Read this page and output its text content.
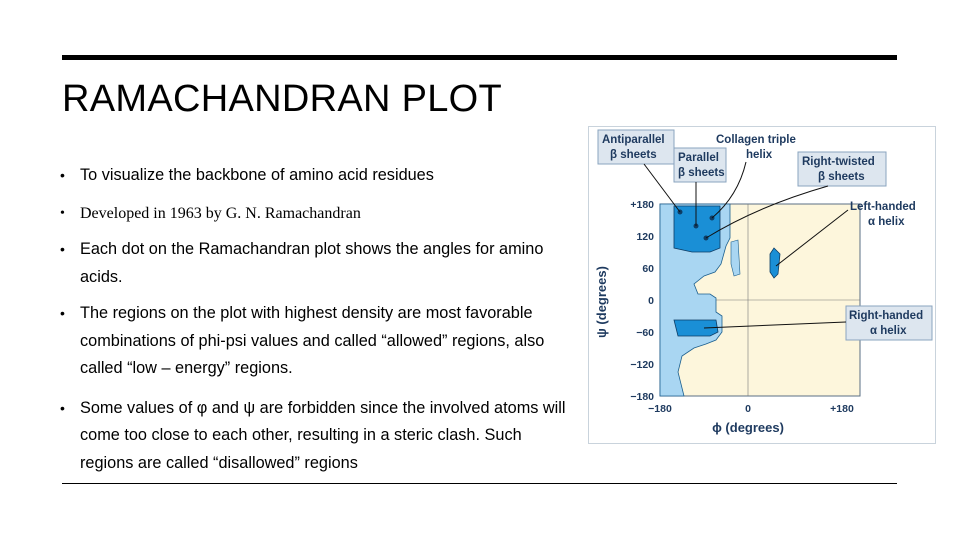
RAMACHANDRAN PLOT
• To visualize the backbone of amino acid residues
• Developed in 1963 by G. N. Ramachandran
• Each dot on the Ramachandran plot shows the angles for amino acids.
• The regions on the plot with highest density are most favorable combinations of phi-psi values and called “allowed” regions, also called “low – energy” regions.
• Some values of φ and ψ are forbidden since the involved atoms will come too close to each other, resulting in a steric clash. Such regions are called “disallowed” regions
Antiparallel
β sheets Parallel
β sheets
Collagen triple
helix
Right-twisted
β sheets
Left-handed
α helix
Right-handed
α helix
+180
120
60
0
−60
−120
−180
−180	0	+180
ψ (degrees)
ϕ (degrees)
